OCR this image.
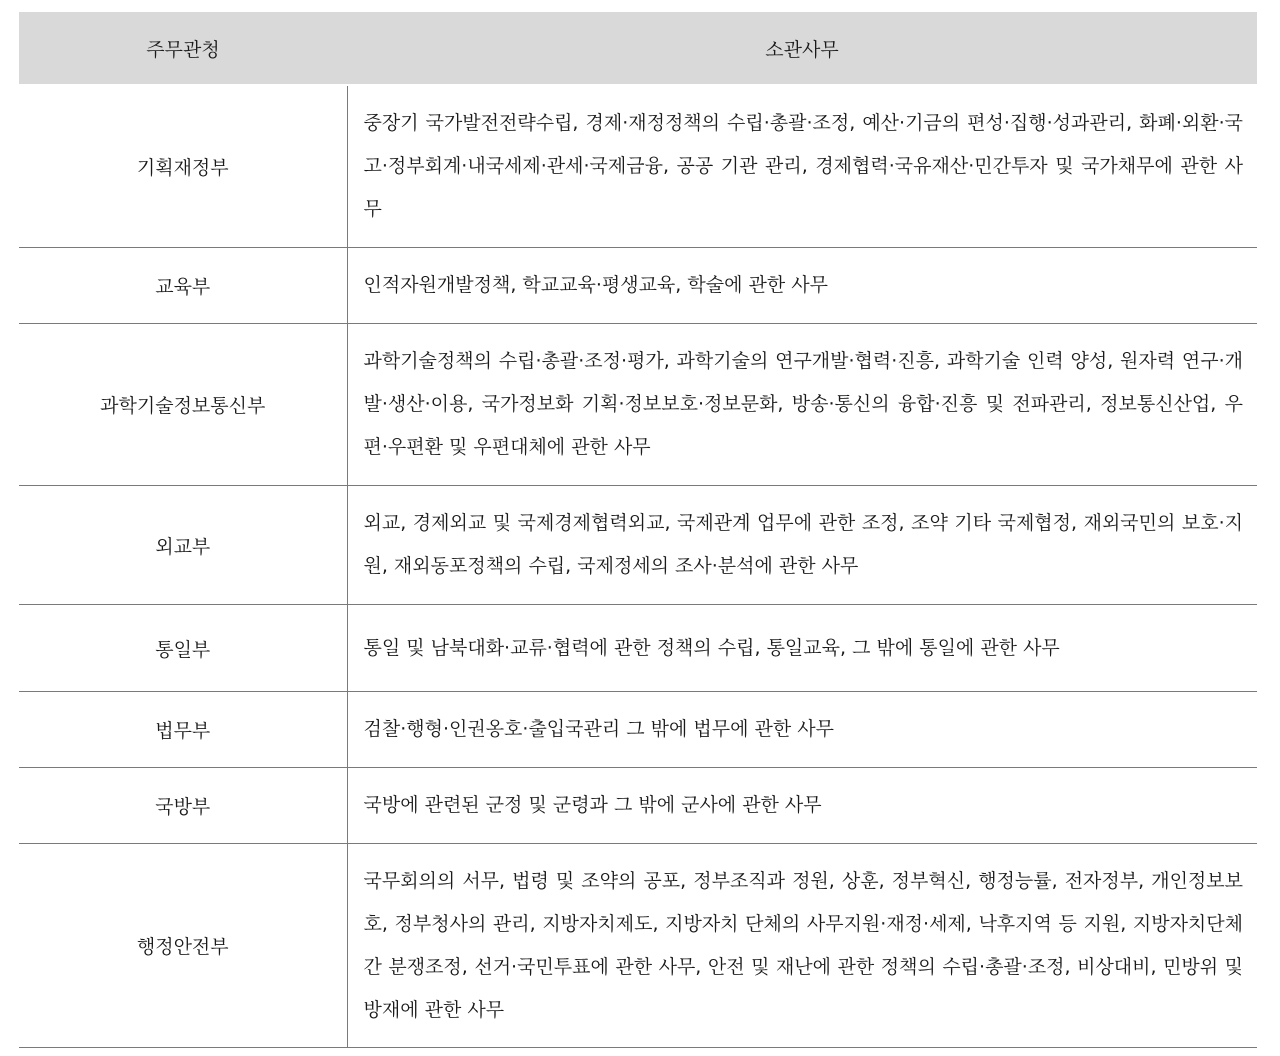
주무관청	소관사무
기획재정부	중장기 국가발전전략수립, 경제·재정정책의 수립·총괄·조정, 예산·기금의 편성·집행·성과관리, 화폐·외환·국고·정부회계·내국세제·관세·국제금융, 공공 기관 관리, 경제협력·국유재산·민간투자 및 국가채무에 관한 사무
교육부	인적자원개발정책, 학교교육·평생교육, 학술에 관한 사무
과학기술정보통신부	과학기술정책의 수립·총괄·조정·평가, 과학기술의 연구개발·협력·진흥, 과학기술 인력 양성, 원자력 연구·개발·생산·이용, 국가정보화 기획·정보보호·정보문화, 방송·통신의 융합·진흥 및 전파관리, 정보통신산업, 우편·우편환 및 우편대체에 관한 사무
외교부	외교, 경제외교 및 국제경제협력외교, 국제관계 업무에 관한 조정, 조약 기타 국제협정, 재외국민의 보호·지원, 재외동포정책의 수립, 국제정세의 조사·분석에 관한 사무
통일부	통일 및 남북대화·교류·협력에 관한 정책의 수립, 통일교육, 그 밖에 통일에 관한 사무
법무부	검찰·행형·인권옹호·출입국관리 그 밖에 법무에 관한 사무
국방부	국방에 관련된 군정 및 군령과 그 밖에 군사에 관한 사무
행정안전부	국무회의의 서무, 법령 및 조약의 공포, 정부조직과 정원, 상훈, 정부혁신, 행정능률, 전자정부, 개인정보보호, 정부청사의 관리, 지방자치제도, 지방자치 단체의 사무지원·재정·세제, 낙후지역 등 지원, 지방자치단체간 분쟁조정, 선거·국민투표에 관한 사무, 안전 및 재난에 관한 정책의 수립·총괄·조정, 비상대비, 민방위 및 방재에 관한 사무
